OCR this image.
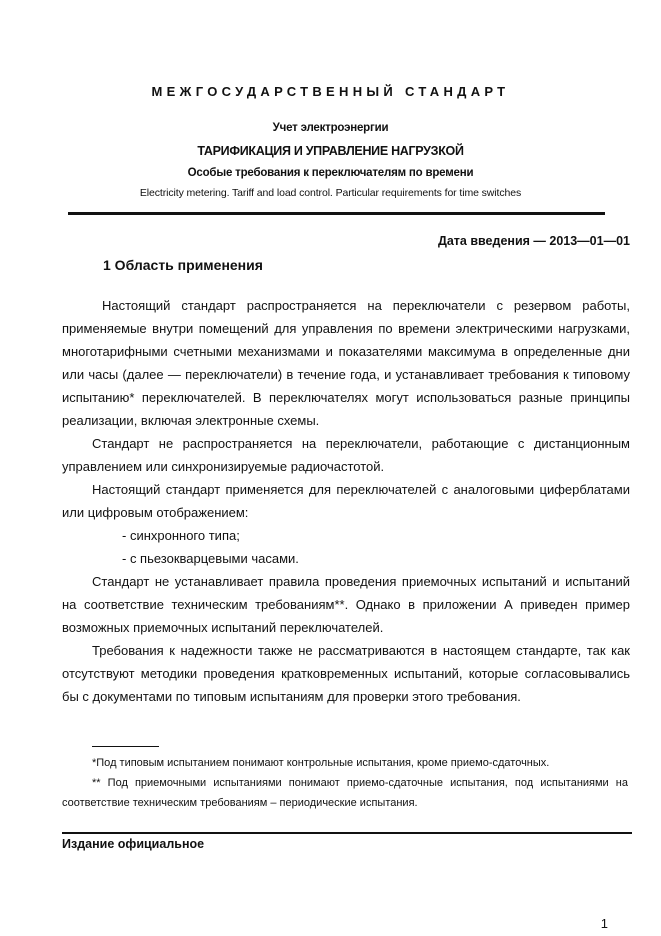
МЕЖГОСУДАРСТВЕННЫЙ СТАНДАРТ
Учет электроэнергии
ТАРИФИКАЦИЯ И УПРАВЛЕНИЕ НАГРУЗКОЙ
Особые требования к переключателям по времени
Electricity metering. Tariff and load control. Particular requirements for time switches
Дата введения — 2013—01—01
1 Область применения

Настоящий стандарт распространяется на переключатели с резервом работы, применяемые внутри помещений для управления по времени электрическими нагрузками, многотарифными счетными механизмами и показателями максимума в определенные дни или часы (далее — переключатели) в течение года, и устанавливает требования к типовому испытанию* переключателей. В переключателях могут использоваться разные принципы реализации, включая электронные схемы.

Стандарт не распространяется на переключатели, работающие с дистанционным управлением или синхронизируемые радиочастотой.

Настоящий стандарт применяется для переключателей с аналоговыми циферблатами или цифровым отображением:

- синхронного типа;

- с пьезокварцевыми часами.

Стандарт не устанавливает правила проведения приемочных испытаний и испытаний на соответствие техническим требованиям**. Однако в приложении А приведен пример возможных приемочных испытаний переключателей.

Требования к надежности также не рассматриваются в настоящем стандарте, так как отсутствуют методики проведения кратковременных испытаний, которые согласовывались бы с документами по типовым испытаниям для проверки этого требования.

*Под типовым испытанием понимают контрольные испытания, кроме приемо-сдаточных.

** Под приемочными испытаниями понимают приемо-сдаточные испытания, под испытаниями на соответствие техническим требованиям – периодические испытания.

Издание официальное
1
